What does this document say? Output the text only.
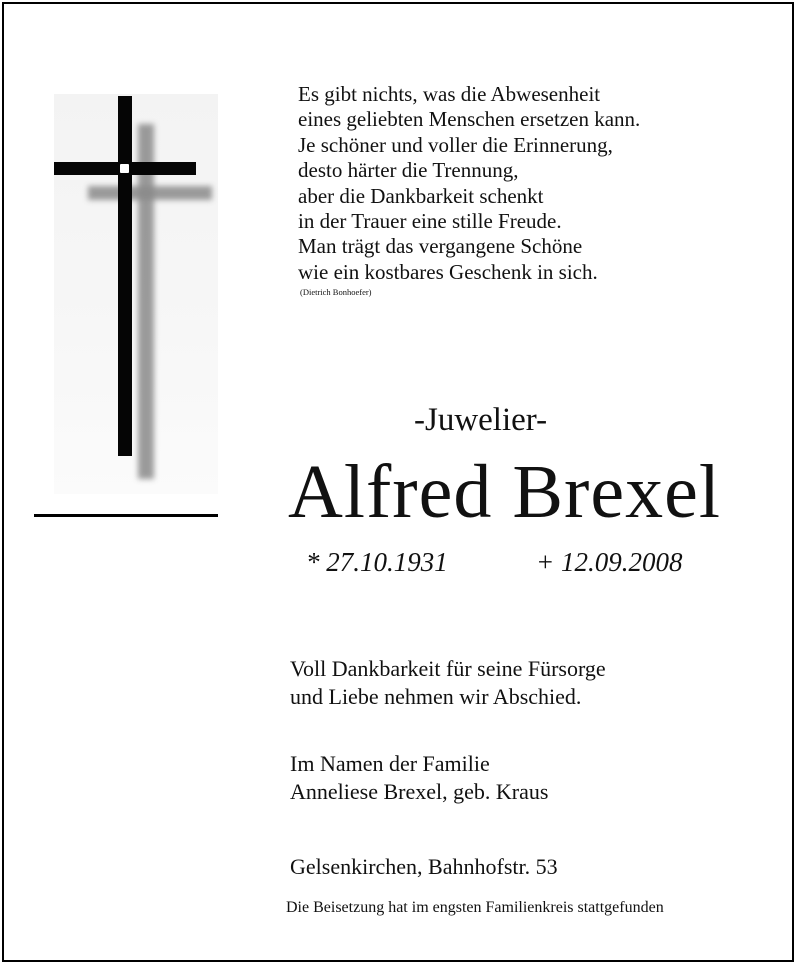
Es gibt nichts, was die Abwesenheit
eines geliebten Menschen ersetzen kann.
Je schöner und voller die Erinnerung,
desto härter die Trennung,
aber die Dankbarkeit schenkt
in der Trauer eine stille Freude.
Man trägt das vergangene Schöne
wie ein kostbares Geschenk in sich.
(Dietrich Bonhoefer)
-Juwelier-
Alfred Brexel
* 27.10.1931	+ 12.09.2008
Voll Dankbarkeit für seine Fürsorge
und Liebe nehmen wir Abschied.
Im Namen der Familie
Anneliese Brexel, geb. Kraus
Gelsenkirchen, Bahnhofstr. 53
Die Beisetzung hat im engsten Familienkreis stattgefunden
